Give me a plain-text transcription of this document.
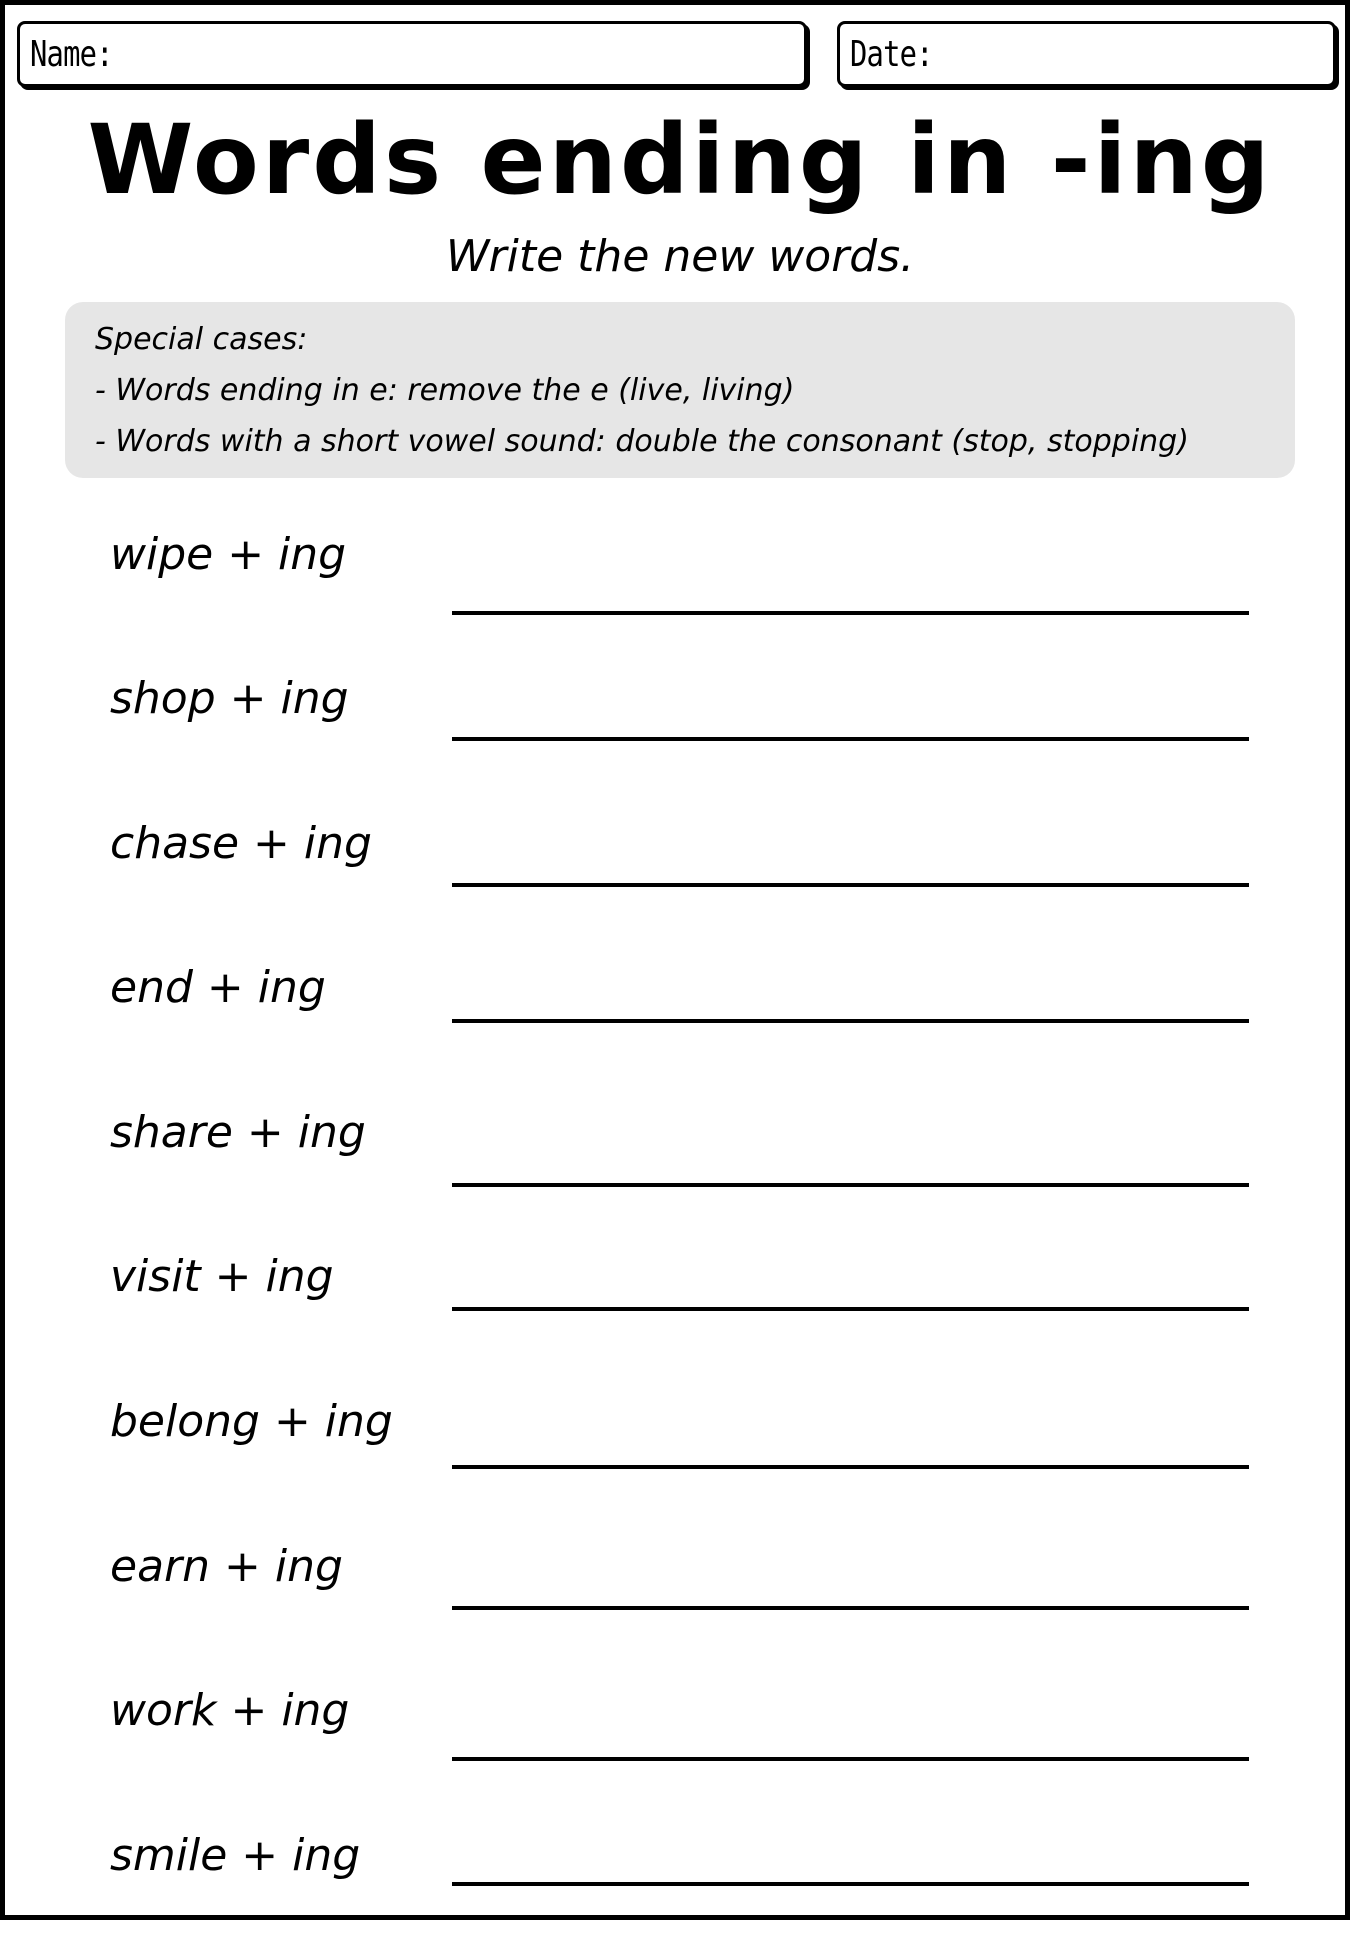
Name:	Date:
Words ending in -ing
Write the new words.
Special cases:
- Words ending in e: remove the e (live, living)
- Words with a short vowel sound: double the consonant (stop, stopping)
wipe + ing
shop + ing
chase + ing
end + ing
share + ing
visit + ing
belong + ing
earn + ing
work + ing
smile + ing
